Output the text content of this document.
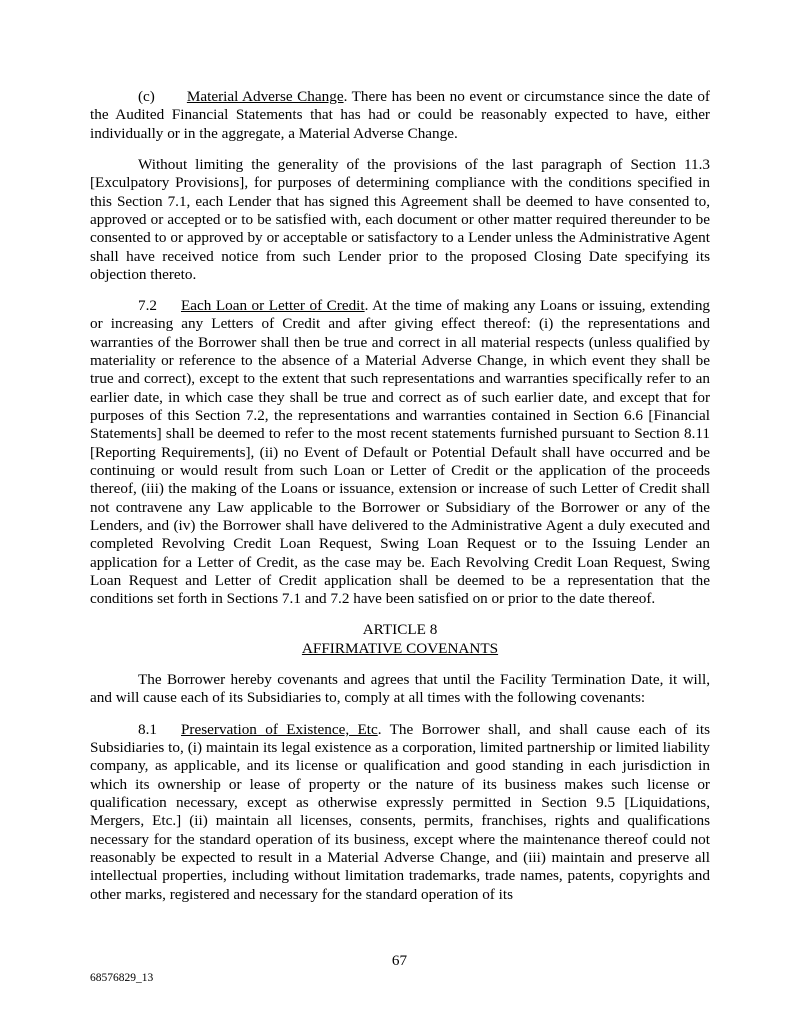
(c) Material Adverse Change. There has been no event or circumstance since the date of the Audited Financial Statements that has had or could be reasonably expected to have, either individually or in the aggregate, a Material Adverse Change.

Without limiting the generality of the provisions of the last paragraph of Section 11.3 [Exculpatory Provisions], for purposes of determining compliance with the conditions specified in this Section 7.1, each Lender that has signed this Agreement shall be deemed to have consented to, approved or accepted or to be satisfied with, each document or other matter required thereunder to be consented to or approved by or acceptable or satisfactory to a Lender unless the Administrative Agent shall have received notice from such Lender prior to the proposed Closing Date specifying its objection thereto.

7.2 Each Loan or Letter of Credit. At the time of making any Loans or issuing, extending or increasing any Letters of Credit and after giving effect thereof: (i) the representations and warranties of the Borrower shall then be true and correct in all material respects (unless qualified by materiality or reference to the absence of a Material Adverse Change, in which event they shall be true and correct), except to the extent that such representations and warranties specifically refer to an earlier date, in which case they shall be true and correct as of such earlier date, and except that for purposes of this Section 7.2, the representations and warranties contained in Section 6.6 [Financial Statements] shall be deemed to refer to the most recent statements furnished pursuant to Section 8.11 [Reporting Requirements], (ii) no Event of Default or Potential Default shall have occurred and be continuing or would result from such Loan or Letter of Credit or the application of the proceeds thereof, (iii) the making of the Loans or issuance, extension or increase of such Letter of Credit shall not contravene any Law applicable to the Borrower or Subsidiary of the Borrower or any of the Lenders, and (iv) the Borrower shall have delivered to the Administrative Agent a duly executed and completed Revolving Credit Loan Request, Swing Loan Request or to the Issuing Lender an application for a Letter of Credit, as the case may be. Each Revolving Credit Loan Request, Swing Loan Request and Letter of Credit application shall be deemed to be a representation that the conditions set forth in Sections 7.1 and 7.2 have been satisfied on or prior to the date thereof.

ARTICLE 8

AFFIRMATIVE COVENANTS

The Borrower hereby covenants and agrees that until the Facility Termination Date, it will, and will cause each of its Subsidiaries to, comply at all times with the following covenants:

8.1 Preservation of Existence, Etc. The Borrower shall, and shall cause each of its Subsidiaries to, (i) maintain its legal existence as a corporation, limited partnership or limited liability company, as applicable, and its license or qualification and good standing in each jurisdiction in which its ownership or lease of property or the nature of its business makes such license or qualification necessary, except as otherwise expressly permitted in Section 9.5 [Liquidations, Mergers, Etc.] (ii) maintain all licenses, consents, permits, franchises, rights and qualifications necessary for the standard operation of its business, except where the maintenance thereof could not reasonably be expected to result in a Material Adverse Change, and (iii) maintain and preserve all intellectual properties, including without limitation trademarks, trade names, patents, copyrights and other marks, registered and necessary for the standard operation of its

67
68576829_13
